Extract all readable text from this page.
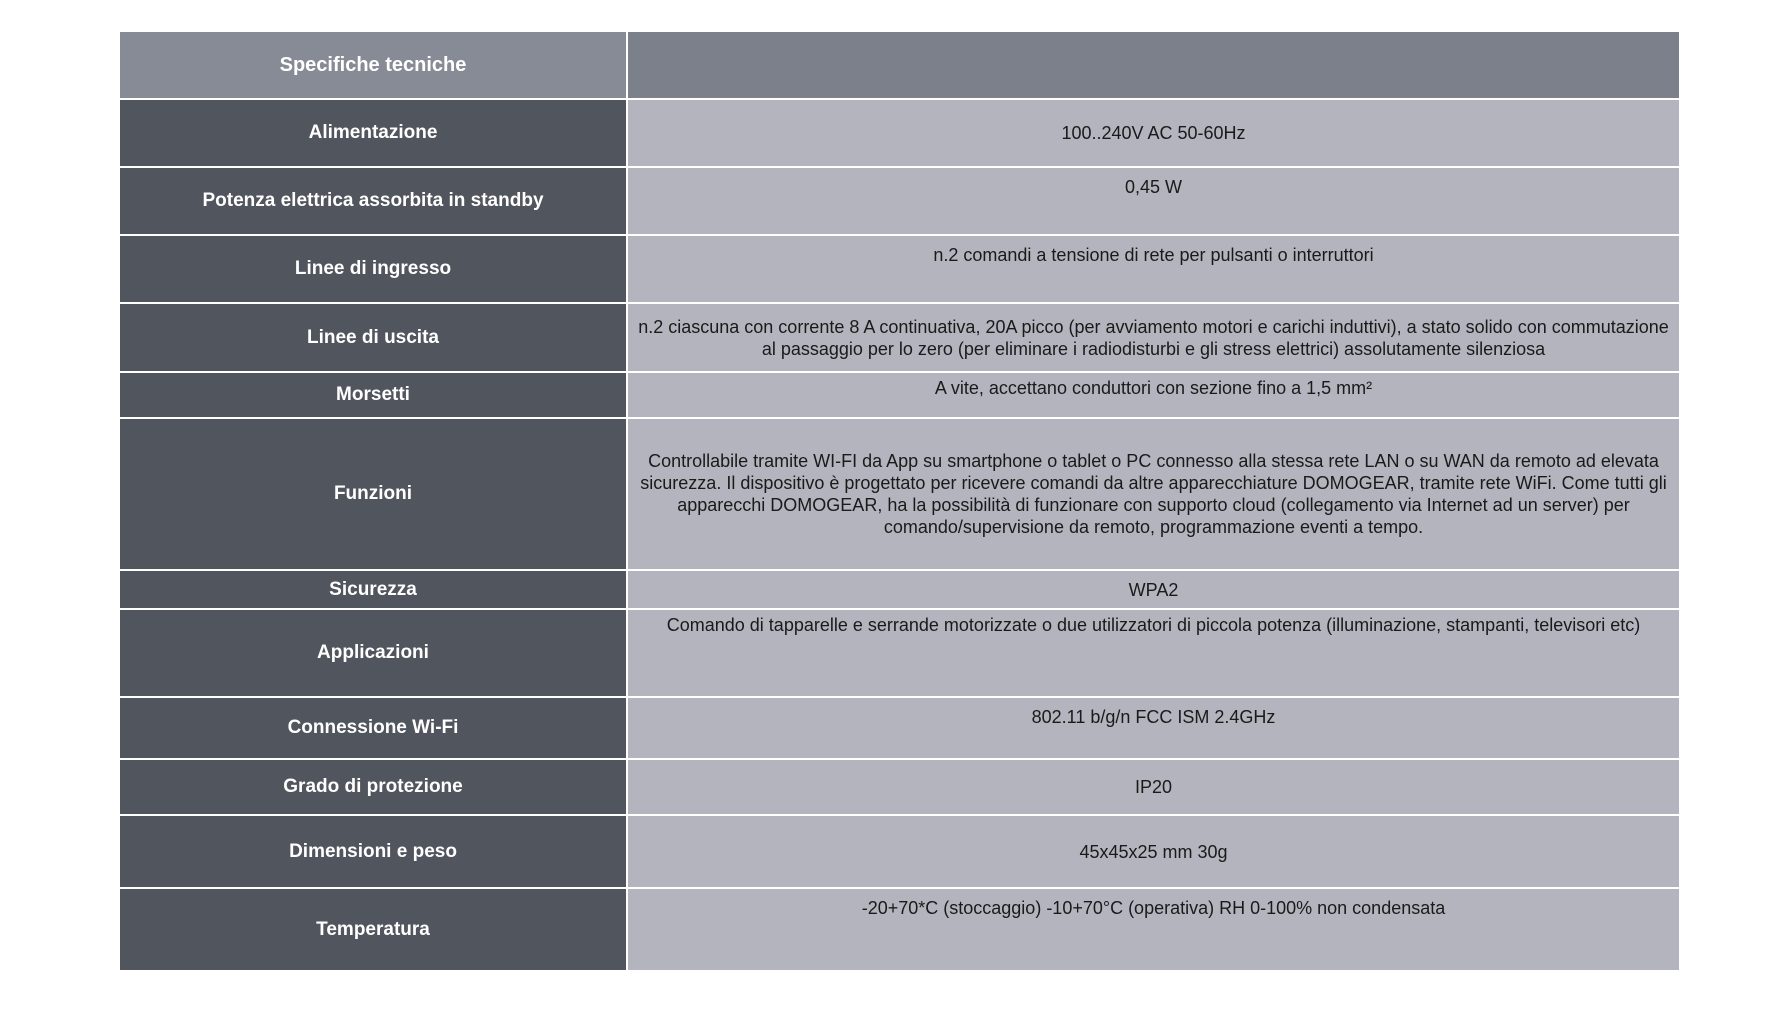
Specifiche tecniche	
Alimentazione	100..240V AC 50-60Hz
Potenza elettrica assorbita in standby	0,45 W
Linee di ingresso	n.2 comandi a tensione di rete per pulsanti o interruttori
Linee di uscita	n.2 ciascuna con corrente 8 A continuativa, 20A picco (per avviamento motori e carichi induttivi), a stato solido con commutazione al passaggio per lo zero (per eliminare i radiodisturbi e gli stress elettrici) assolutamente silenziosa
Morsetti	A vite, accettano conduttori con sezione fino a 1,5 mm²
Funzioni	Controllabile tramite WI-FI da App su smartphone o tablet o PC connesso alla stessa rete LAN o su WAN da remoto ad elevata sicurezza. Il dispositivo è progettato per ricevere comandi da altre apparecchiature DOMOGEAR, tramite rete WiFi. Come tutti gli apparecchi DOMOGEAR, ha la possibilità di funzionare con supporto cloud (collegamento via Internet ad un server) per comando/supervisione da remoto, programmazione eventi a tempo.
Sicurezza	WPA2
Applicazioni	Comando di tapparelle e serrande motorizzate o due utilizzatori di piccola potenza (illuminazione, stampanti, televisori etc)
Connessione Wi-Fi	802.11 b/g/n FCC ISM 2.4GHz
Grado di protezione	IP20
Dimensioni e peso	45x45x25 mm 30g
Temperatura	-20+70*C (stoccaggio) -10+70°C (operativa) RH 0-100% non condensata
